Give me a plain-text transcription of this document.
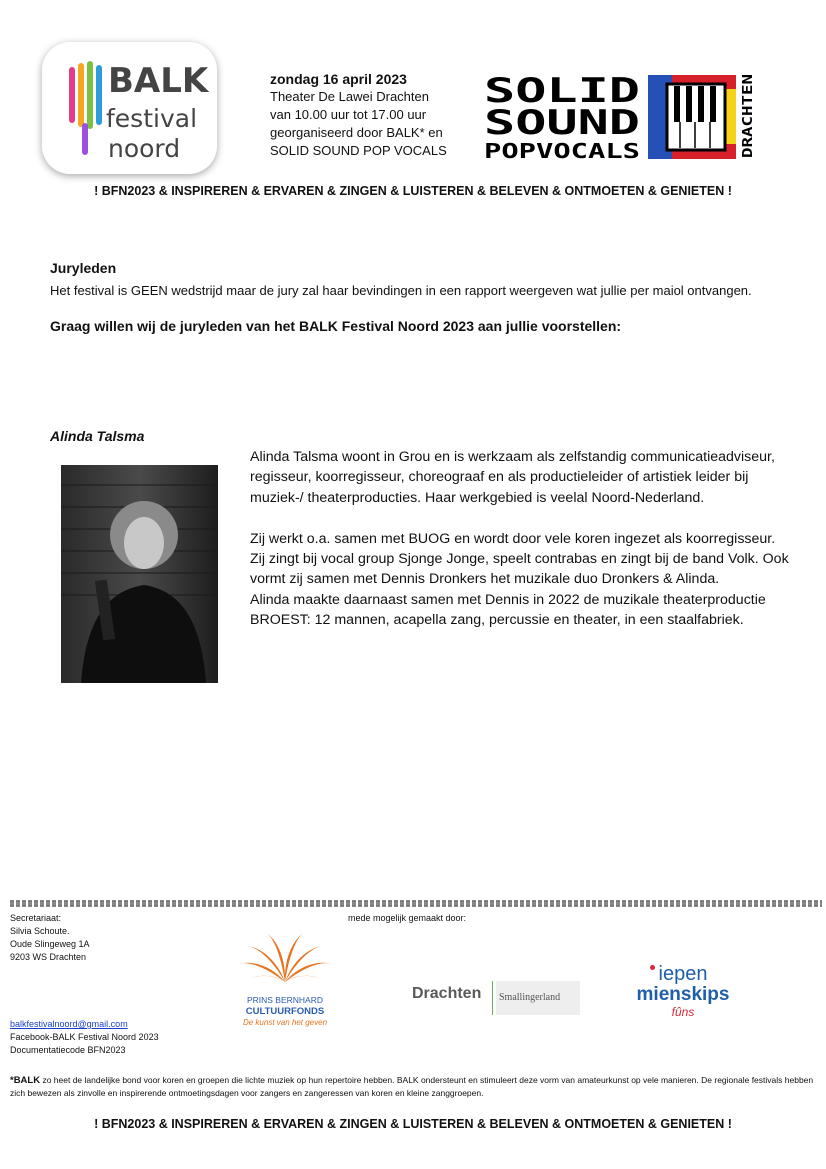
BALK
festival
noord
zondag 16 april 2023
Theater De Lawei Drachten
van 10.00 uur tot 17.00 uur
georganiseerd door BALK* en
SOLID SOUND POP VOCALS
SOLID
SOUND
POPVOCALS	DRACHTEN
! BFN2023 & INSPIREREN & ERVAREN & ZINGEN & LUISTEREN & BELEVEN & ONTMOETEN & GENIETEN !
Juryleden
Het festival is GEEN wedstrijd maar de jury zal haar bevindingen in een rapport weergeven wat jullie per maiol ontvangen.
Graag willen wij de juryleden van het BALK Festival Noord 2023 aan jullie voorstellen:
Alinda Talsma

Alinda Talsma woont in Grou en is werkzaam als zelfstandig communicatieadviseur, regisseur, koorregisseur, choreograaf en als productieleider of artistiek leider bij muziek-/ theaterproducties. Haar werkgebied is veelal Noord-Nederland.

Zij werkt o.a. samen met BUOG en wordt door vele koren ingezet als koorregisseur. Zij zingt bij vocal group Sjonge Jonge, speelt contrabas en zingt bij de band Volk. Ook vormt zij samen met Dennis Dronkers het muzikale duo Dronkers & Alinda.
Alinda maakte daarnaast samen met Dennis in 2022 de muzikale theaterproductie BROEST: 12 mannen, acapella zang, percussie en theater, in een staalfabriek.

Secretariaat:
Silvia Schoute.
Oude Slingeweg 1A
9203 WS Drachten
balkfestivalnoord@gmail.com
Facebook-BALK Festival Noord 2023
Documentatiecode BFN2023
mede mogelijk gemaakt door:
PRINS BERNHARD
CULTUURFONDS
De kunst van het geven
Drachten Smallingerland
iepen
mienskips
fûns
*BALK zo heet de landelijke bond voor koren en groepen die lichte muziek op hun repertoire hebben. BALK ondersteunt en stimuleert deze vorm van amateurkunst op vele manieren. De regionale festivals hebben zich bewezen als zinvolle en inspirerende ontmoetingsdagen voor zangers en zangeressen van koren en kleine zanggroepen.
! BFN2023 & INSPIREREN & ERVAREN & ZINGEN & LUISTEREN & BELEVEN & ONTMOETEN & GENIETEN !
